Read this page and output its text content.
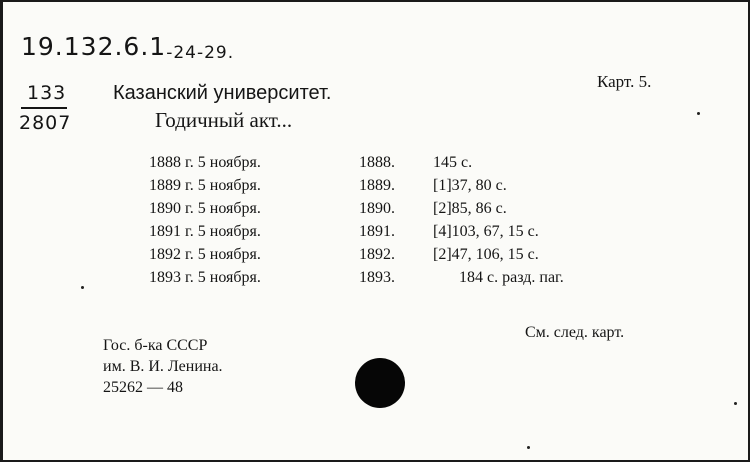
19.132.6.1-24-29.
133
2807
Карт. 5.
Казанский университет.
Годичный акт...
1888 г. 5 ноября.	1888. 145 с.
1889 г. 5 ноября.	1889. [1]37, 80 с.
1890 г. 5 ноября.	1890. [2]85, 86 с.
1891 г. 5 ноября.	1891. [4]103, 67, 15 с.
1892 г. 5 ноября.	1892. [2]47, 106, 15 с.
1893 г. 5 ноября.	1893.	184 с. разд. паг.
См. след. карт.
Гос. б-ка СССР
им. В. И. Ленина.
25262 — 48
